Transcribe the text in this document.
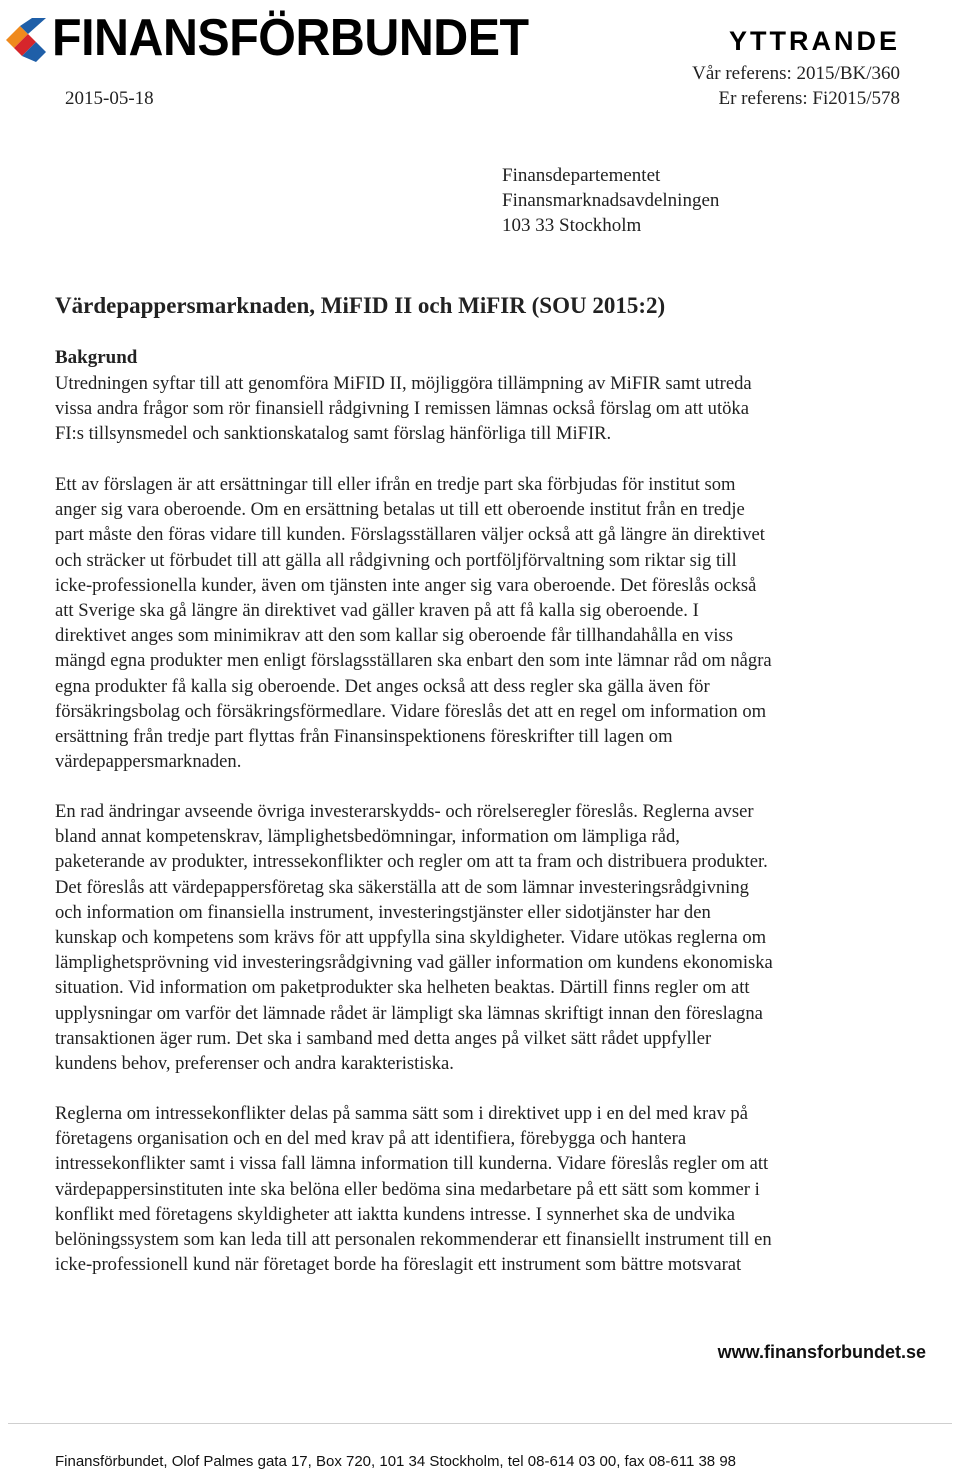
FINANSFÖRBUNDET	YTTRANDE
Vår referens: 2015/BK/360
Er referens: Fi2015/578
2015-05-18
Finansdepartementet
Finansmarknadsavdelningen
103 33 Stockholm
Värdepappersmarknaden, MiFID II och MiFIR (SOU 2015:2)
Bakgrund
Utredningen syftar till att genomföra MiFID II, möjliggöra tillämpning av MiFIR samt utreda
vissa andra frågor som rör finansiell rådgivning I remissen lämnas också förslag om att utöka
FI:s tillsynsmedel och sanktionskatalog samt förslag hänförliga till MiFIR.
Ett av förslagen är att ersättningar till eller ifrån en tredje part ska förbjudas för institut som
anger sig vara oberoende. Om en ersättning betalas ut till ett oberoende institut från en tredje
part måste den föras vidare till kunden. Förslagsställaren väljer också att gå längre än direktivet
och sträcker ut förbudet till att gälla all rådgivning och portföljförvaltning som riktar sig till
icke-professionella kunder, även om tjänsten inte anger sig vara oberoende. Det föreslås också
att Sverige ska gå längre än direktivet vad gäller kraven på att få kalla sig oberoende. I
direktivet anges som minimikrav att den som kallar sig oberoende får tillhandahålla en viss
mängd egna produkter men enligt förslagsställaren ska enbart den som inte lämnar råd om några
egna produkter få kalla sig oberoende. Det anges också att dess regler ska gälla även för
försäkringsbolag och försäkringsförmedlare. Vidare föreslås det att en regel om information om
ersättning från tredje part flyttas från Finansinspektionens föreskrifter till lagen om
värdepappersmarknaden.
En rad ändringar avseende övriga investerarskydds- och rörelseregler föreslås. Reglerna avser
bland annat kompetenskrav, lämplighetsbedömningar, information om lämpliga råd,
paketerande av produkter, intressekonflikter och regler om att ta fram och distribuera produkter.
Det föreslås att värdepappersföretag ska säkerställa att de som lämnar investeringsrådgivning
och information om finansiella instrument, investeringstjänster eller sidotjänster har den
kunskap och kompetens som krävs för att uppfylla sina skyldigheter. Vidare utökas reglerna om
lämplighetsprövning vid investeringsrådgivning vad gäller information om kundens ekonomiska
situation. Vid information om paketprodukter ska helheten beaktas. Därtill finns regler om att
upplysningar om varför det lämnade rådet är lämpligt ska lämnas skriftigt innan den föreslagna
transaktionen äger rum. Det ska i samband med detta anges på vilket sätt rådet uppfyller
kundens behov, preferenser och andra karakteristiska.
Reglerna om intressekonflikter delas på samma sätt som i direktivet upp i en del med krav på
företagens organisation och en del med krav på att identifiera, förebygga och hantera
intressekonflikter samt i vissa fall lämna information till kunderna. Vidare föreslås regler om att
värdepappersinstituten inte ska belöna eller bedöma sina medarbetare på ett sätt som kommer i
konflikt med företagens skyldigheter att iaktta kundens intresse. I synnerhet ska de undvika
belöningssystem som kan leda till att personalen rekommenderar ett finansiellt instrument till en
icke-professionell kund när företaget borde ha föreslagit ett instrument som bättre motsvarat
www.finansforbundet.se
Finansförbundet, Olof Palmes gata 17, Box 720, 101 34 Stockholm, tel 08-614 03 00, fax 08-611 38 98
